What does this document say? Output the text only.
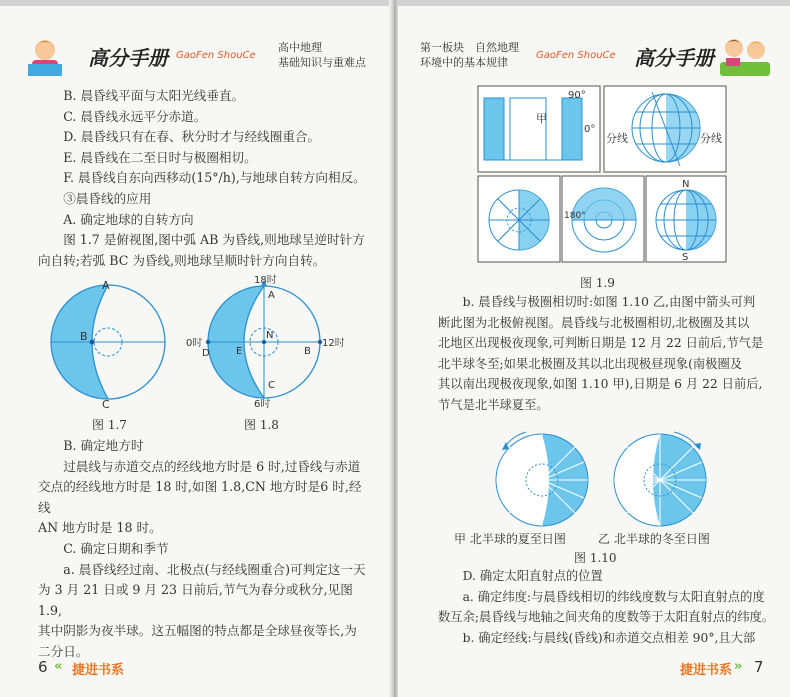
高分手册 GaoFen ShouCe
高中地理
基础知识与重难点

B. 晨昏线平面与太阳光线垂直。

C. 晨昏线永远平分赤道。

D. 晨昏线只有在春、秋分时才与经线圈重合。

E. 晨昏线在二至日时与极圈相切。

F. 晨昏线自东向西移动(15°/h),与地球自转方向相反。

③晨昏线的应用

A. 确定地球的自转方向

图 1.7 是俯视图,图中弧 AB 为昏线,则地球呈逆时针方

向自转;若弧 BC 为昏线,则地球呈顺时针方向自转。

A
B
C
图 1.7
18时
A
N
E
D	B
0时	12时
C
6时
图 1.8

B. 确定地方时

过晨线与赤道交点的经线地方时是 6 时,过昏线与赤道

交点的经线地方时是 18 时,如图 1.8,CN 地方时是6 时,经线

AN 地方时是 18 时。

C. 确定日期和季节

a. 晨昏线经过南、北极点(与经线圈重合)可判定这一天

为 3 月 21 日或 9 月 23 日前后,节气为春分或秋分,见图1.9,

其中阴影为夜半球。这五幅图的特点都是全球昼夜等长,为

二分日。

6 « 捷进书系
第一板块　自然地理
环境中的基本规律
GaoFen ShouCe 高分手册
甲
90°
0°
分线	分线
180°
N
S
图 1.9

b. 晨昏线与极圈相切时:如图 1.10 乙,由图中箭头可判

断此图为北极俯视图。晨昏线与北极圈相切,北极圈及其以

北地区出现极夜现象,可判断日期是 12 月 22 日前后,节气是

北半球冬至;如果北极圈及其以北出现极昼现象(南极圈及

其以南出现极夜现象,如图 1.10 甲),日期是 6 月 22 日前后,

节气是北半球夏至。

甲 北半球的夏至日图	乙 北半球的冬至日图
图 1.10

D. 确定太阳直射点的位置

a. 确定纬度:与晨昏线相切的纬线度数与太阳直射点的度

数互余;晨昏线与地轴之间夹角的度数等于太阳直射点的纬度。

b. 确定经线:与晨线(昏线)和赤道交点相差 90°,且大部

捷进书系 » 7
